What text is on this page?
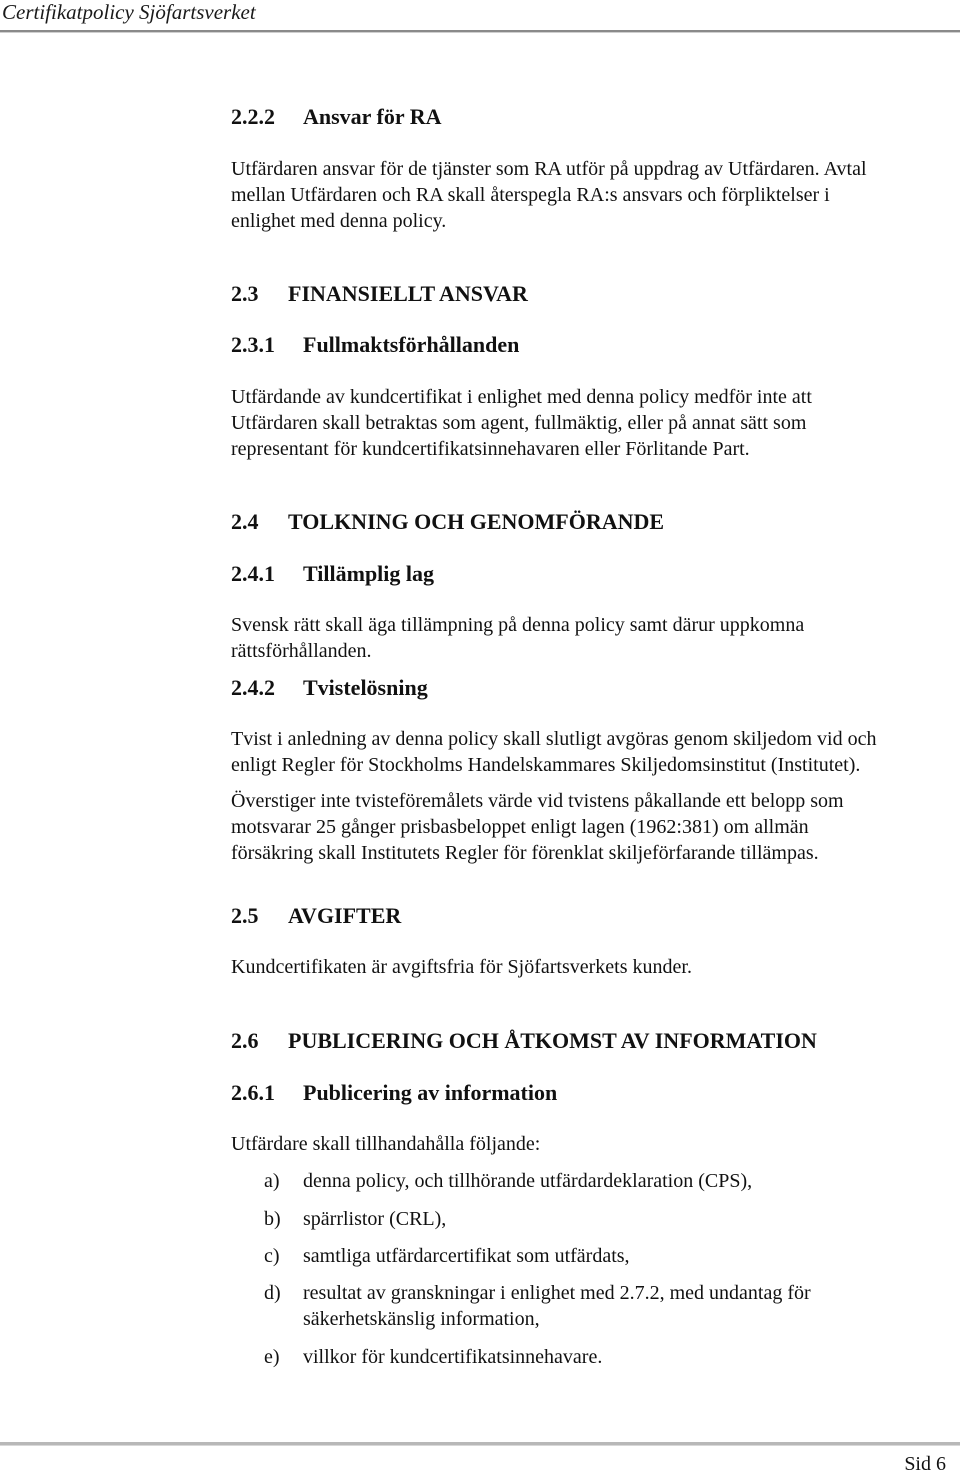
Certifikatpolicy Sjöfartsverket
2.2.2 Ansvar för RA
Utfärdaren ansvar för de tjänster som RA utför på uppdrag av Utfärdaren. Avtal
mellan Utfärdaren och RA skall återspegla RA:s ansvars och förpliktelser i
enlighet med denna policy.
2.3 FINANSIELLT ANSVAR
2.3.1 Fullmaktsförhållanden
Utfärdande av kundcertifikat i enlighet med denna policy medför inte att
Utfärdaren skall betraktas som agent, fullmäktig, eller på annat sätt som
representant för kundcertifikatsinnehavaren eller Förlitande Part.
2.4 TOLKNING OCH GENOMFÖRANDE
2.4.1 Tillämplig lag
Svensk rätt skall äga tillämpning på denna policy samt därur uppkomna
rättsförhållanden.
2.4.2 Tvistelösning
Tvist i anledning av denna policy skall slutligt avgöras genom skiljedom vid och
enligt Regler för Stockholms Handelskammares Skiljedomsinstitut (Institutet).
Överstiger inte tvisteföremålets värde vid tvistens påkallande ett belopp som
motsvarar 25 gånger prisbasbeloppet enligt lagen (1962:381) om allmän
försäkring skall Institutets Regler för förenklat skiljeförfarande tillämpas.
2.5 AVGIFTER
Kundcertifikaten är avgiftsfria för Sjöfartsverkets kunder.
2.6 PUBLICERING OCH ÅTKOMST AV INFORMATION
2.6.1 Publicering av information
Utfärdare skall tillhandahålla följande:
a) denna policy, och tillhörande utfärdardeklaration (CPS),
b) spärrlistor (CRL),
c) samtliga utfärdarcertifikat som utfärdats,
d) resultat av granskningar i enlighet med 2.7.2, med undantag för
säkerhetskänslig information,
e) villkor för kundcertifikatsinnehavare.
Sid 6
